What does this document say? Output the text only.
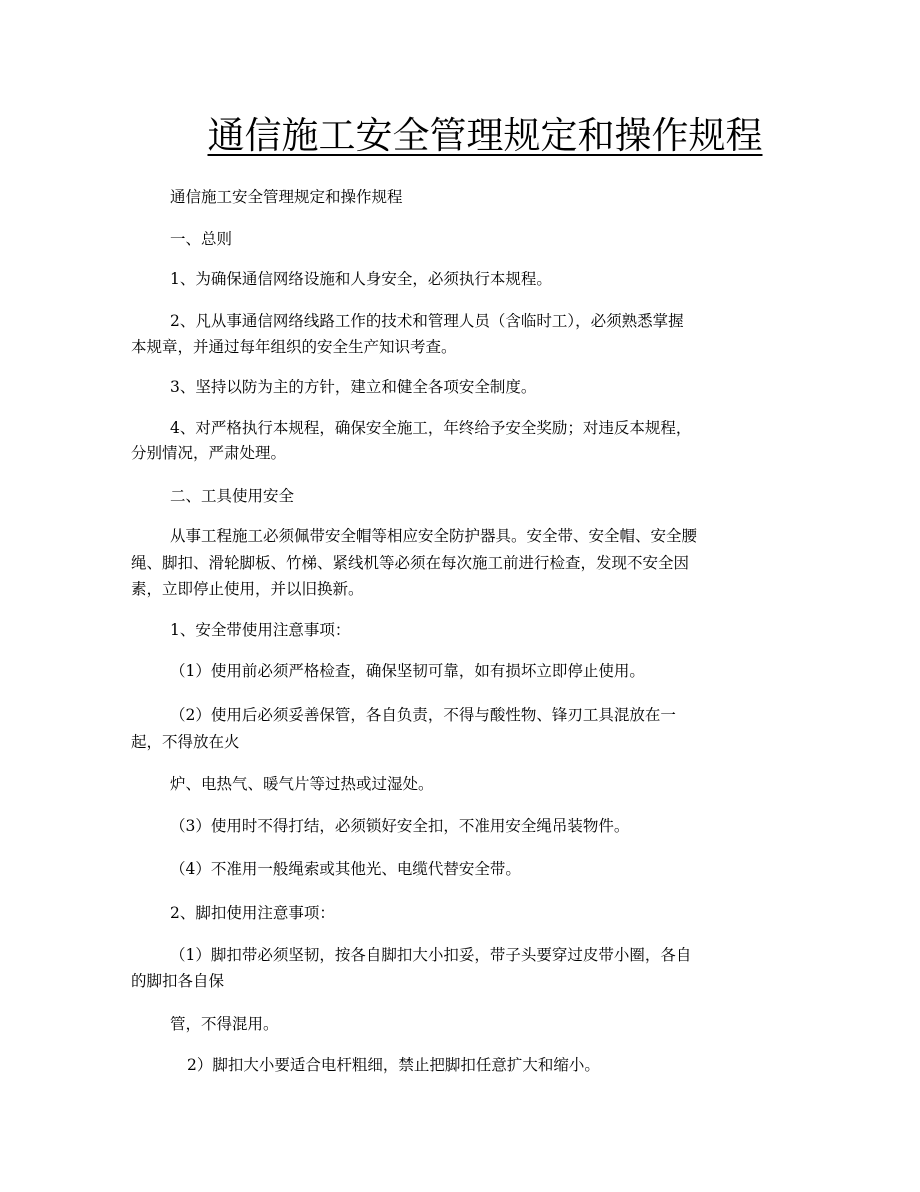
通信施工安全管理规定和操作规程
通信施工安全管理规定和操作规程
一、总则
1、为确保通信网络设施和人身安全，必须执行本规程。
2、凡从事通信网络线路工作的技术和管理人员（含临时工），必须熟悉掌握
本规章，并通过每年组织的安全生产知识考查。
3、坚持以防为主的方针，建立和健全各项安全制度。
4、对严格执行本规程，确保安全施工，年终给予安全奖励；对违反本规程，
分别情况，严肃处理。
二、工具使用安全
从事工程施工必须佩带安全帽等相应安全防护器具。安全带、安全帽、安全腰
绳、脚扣、滑轮脚板、竹梯、紧线机等必须在每次施工前进行检查，发现不安全因
素，立即停止使用，并以旧换新。
1、安全带使用注意事项：
（1）使用前必须严格检查，确保坚韧可靠，如有损坏立即停止使用。
（2）使用后必须妥善保管，各自负责，不得与酸性物、锋刃工具混放在一
起，不得放在火
炉、电热气、暖气片等过热或过湿处。
（3）使用时不得打结，必须锁好安全扣，不准用安全绳吊装物件。
（4）不准用一般绳索或其他光、电缆代替安全带。
2、脚扣使用注意事项：
（1）脚扣带必须坚韧，按各自脚扣大小扣妥，带子头要穿过皮带小圈，各自
的脚扣各自保
管，不得混用。
2）脚扣大小要适合电杆粗细，禁止把脚扣任意扩大和缩小。
